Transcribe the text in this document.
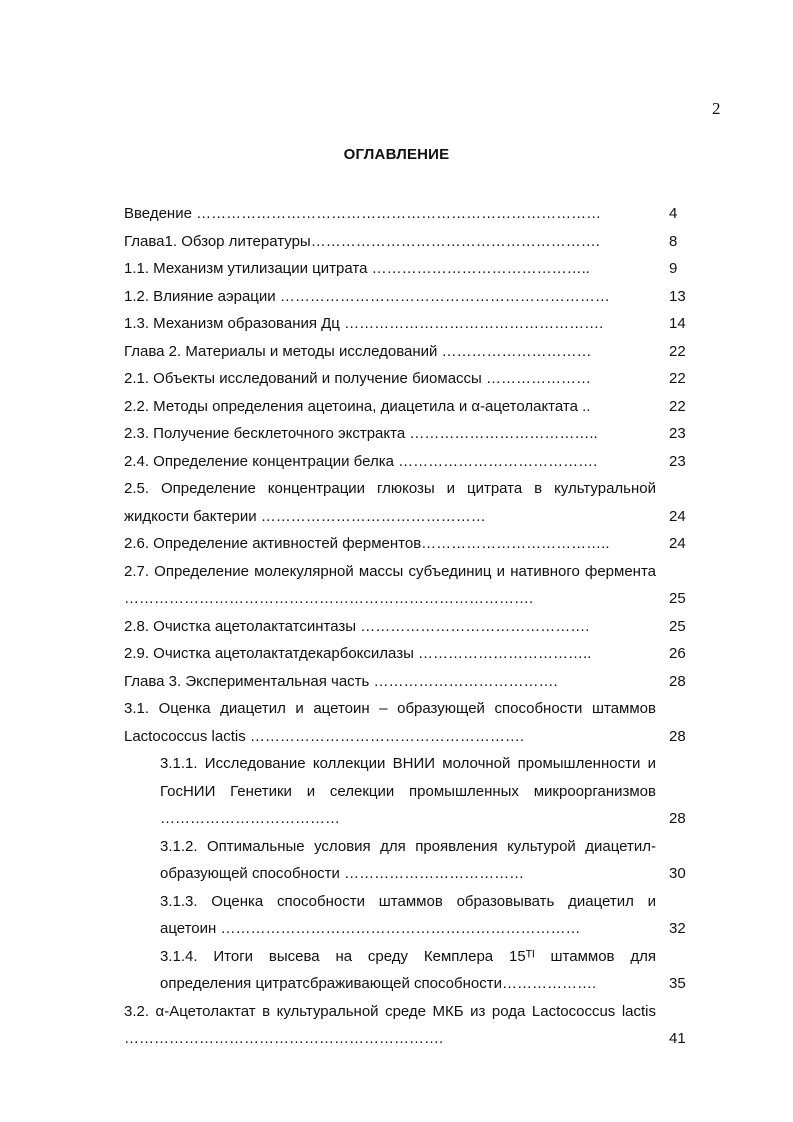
2
ОГЛАВЛЕНИЕ
Введение ………………………………………………………………………	4
Глава1. Обзор литературы………………………………………………….	8
1.1. Механизм утилизации цитрата ……………………………………..	9
1.2. Влияние аэрации …………………………………………………………	13
1.3. Механизм образования Дц …………………………………………….	14
Глава 2. Материалы и методы исследований …………………………	22
2.1. Объекты исследований и получение биомассы …………………	22
2.2. Методы определения ацетоина, диацетила и α-ацетолактата ..	22
2.3. Получение бесклеточного экстракта ………………………………..	23
2.4. Определение концентрации белка ………………………………….	23
2.5. Определение концентрации глюкозы и цитрата в культуральной жидкости бактерии ………………………………………	24
2.6. Определение активностей ферментов………………………………..	24
2.7. Определение молекулярной массы субъединиц и нативного фермента ……………………………………………………………………….	25
2.8. Очистка ацетолактатсинтазы ……………………………………….	25
2.9. Очистка ацетолактатдекарбоксилазы ……………………………..	26
Глава 3. Экспериментальная часть ……………………………….	28
3.1. Оценка диацетил и ацетоин – образующей способности штаммов Lactococcus lactis ……………………………………………….	28
3.1.1. Исследование коллекции ВНИИ молочной промышленности и ГосНИИ Генетики и селекции промышленных микроорганизмов ………………………………	28
3.1.2. Оптимальные условия для проявления культурой диацетил-образующей способности ………………………………	30
3.1.3. Оценка способности штаммов образовывать диацетил и ацетоин ………………………………………………………………	32
3.1.4. Итоги высева на среду Кемплера 15ᵀᴵ штаммов для определения цитратсбраживающей способности……………….	35
3.2. α-Ацетолактат в культуральной среде МКБ из рода Lactococcus lactis ……………………………………………………….	41
